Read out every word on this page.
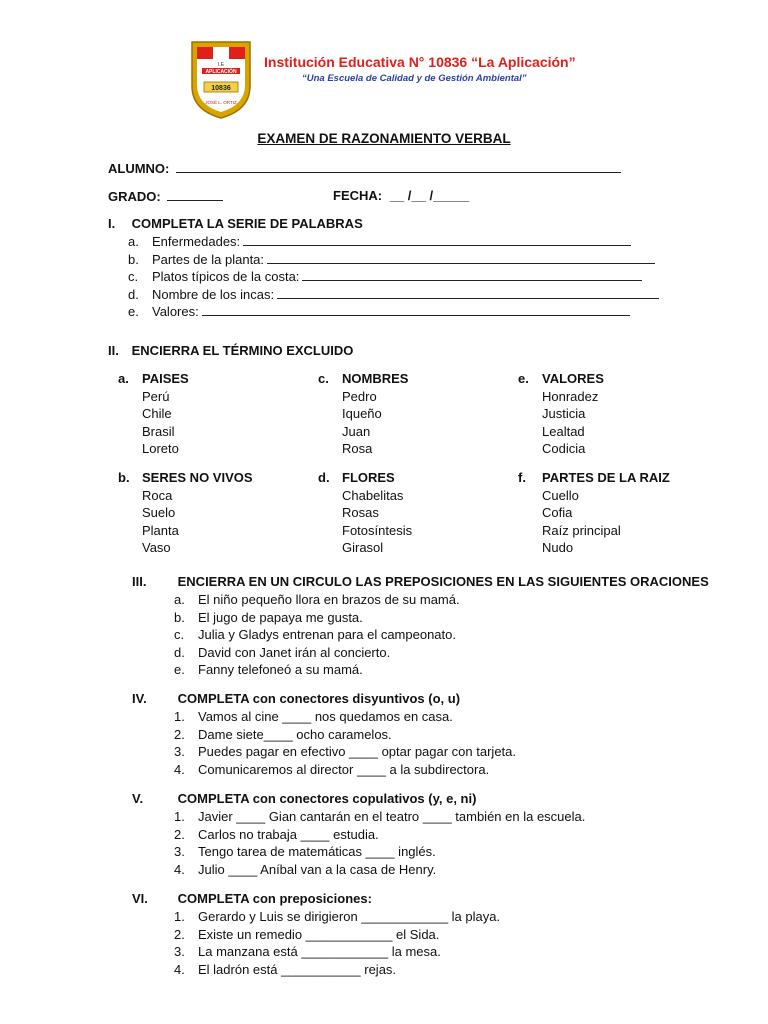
I.E
APLICACIÓN
10836
JOSÉ L. ORTIZ
Institución Educativa N° 10836 “La Aplicación”
“Una Escuela de Calidad y de Gestión Ambiental”
EXAMEN DE RAZONAMIENTO VERBAL
ALUMNO:
GRADO:	FECHA: __ /__ /_____
I. COMPLETA LA SERIE DE PALABRAS
a. Enfermedades:
b. Partes de la planta:
c. Platos típicos de la costa:
d. Nombre de los incas:
e. Valores:
II. ENCIERRA EL TÉRMINO EXCLUIDO
a. PAISES
Perú
Chile
Brasil
Loreto
c. NOMBRES
Pedro
Iqueño
Juan
Rosa
e. VALORES
Honradez
Justicia
Lealtad
Codicia
b. SERES NO VIVOS
Roca
Suelo
Planta
Vaso
d. FLORES
Chabelitas
Rosas
Fotosíntesis
Girasol
f. PARTES DE LA RAIZ
Cuello
Cofia
Raíz principal
Nudo
III. ENCIERRA EN UN CIRCULO LAS PREPOSICIONES EN LAS SIGUIENTES ORACIONES
a. El niño pequeño llora en brazos de su mamá.
b. El jugo de papaya me gusta.
c. Julia y Gladys entrenan para el campeonato.
d. David con Janet irán al concierto.
e. Fanny telefoneó a su mamá.
IV. COMPLETA con conectores disyuntivos (o, u)
1. Vamos al cine ____ nos quedamos en casa.
2. Dame siete____ ocho caramelos.
3. Puedes pagar en efectivo ____ optar pagar con tarjeta.
4. Comunicaremos al director ____ a la subdirectora.
V.	COMPLETA con conectores copulativos (y, e, ni)
1. Javier ____ Gian cantarán en el teatro ____ también en la escuela.
2. Carlos no trabaja ____ estudia.
3. Tengo tarea de matemáticas ____ inglés.
4. Julio ____ Aníbal van a la casa de Henry.
VI. COMPLETA con preposiciones:
1. Gerardo y Luis se dirigieron ____________ la playa.
2. Existe un remedio ____________ el Sida.
3. La manzana está ____________ la mesa.
4. El ladrón está ___________ rejas.
